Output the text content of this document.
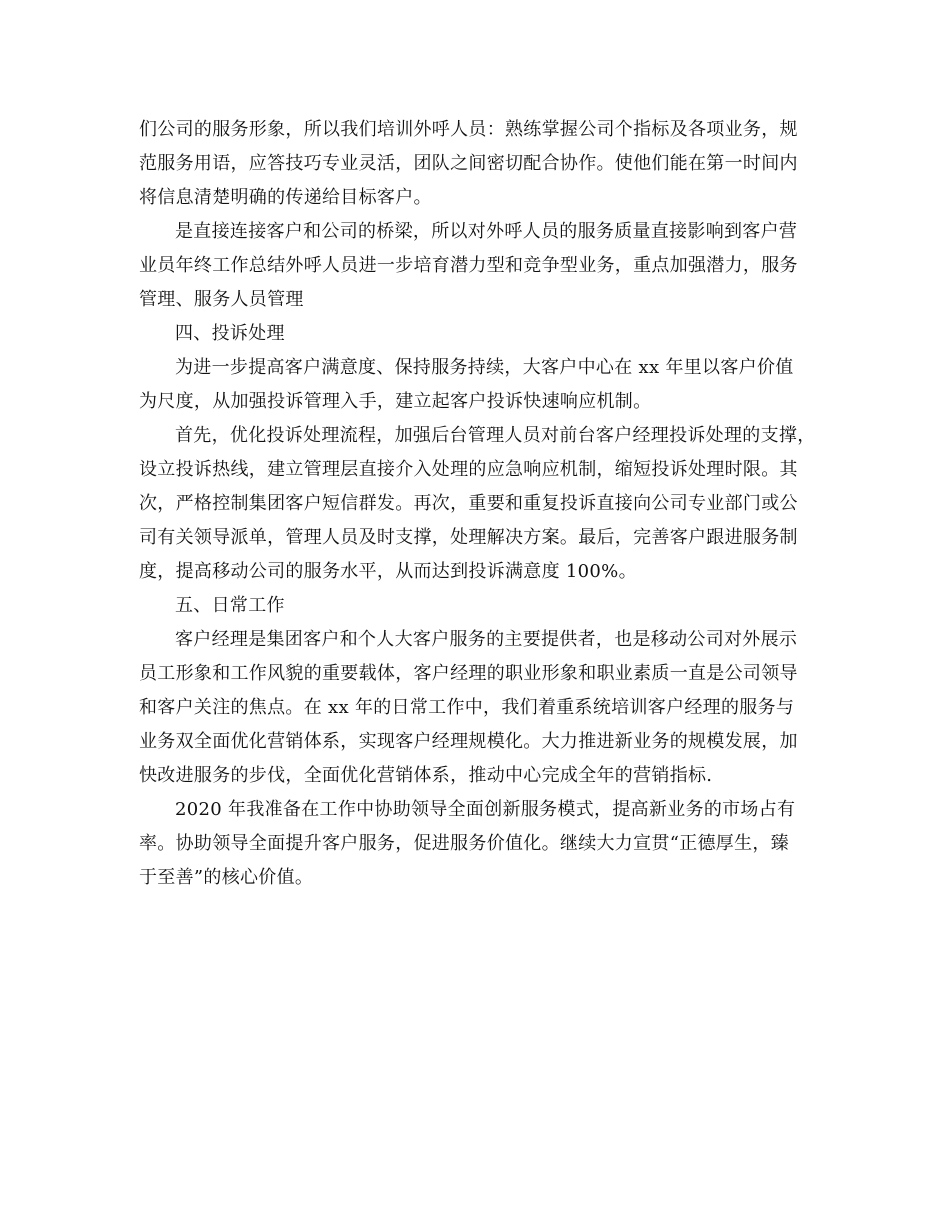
们公司的服务形象，所以我们培训外呼人员：熟练掌握公司个指标及各项业务，规
范服务用语，应答技巧专业灵活，团队之间密切配合协作。使他们能在第一时间内
将信息清楚明确的传递给目标客户。
是直接连接客户和公司的桥梁，所以对外呼人员的服务质量直接影响到客户营
业员年终工作总结外呼人员进一步培育潜力型和竞争型业务，重点加强潜力，服务
管理、服务人员管理
四、投诉处理
为进一步提高客户满意度、保持服务持续，大客户中心在 xx 年里以客户价值
为尺度，从加强投诉管理入手，建立起客户投诉快速响应机制。
首先，优化投诉处理流程，加强后台管理人员对前台客户经理投诉处理的支撑，
设立投诉热线，建立管理层直接介入处理的应急响应机制，缩短投诉处理时限。其
次，严格控制集团客户短信群发。再次，重要和重复投诉直接向公司专业部门或公
司有关领导派单，管理人员及时支撑，处理解决方案。最后，完善客户跟进服务制
度，提高移动公司的服务水平，从而达到投诉满意度 100%。
五、日常工作
客户经理是集团客户和个人大客户服务的主要提供者，也是移动公司对外展示
员工形象和工作风貌的重要载体，客户经理的职业形象和职业素质一直是公司领导
和客户关注的焦点。在 xx 年的日常工作中，我们着重系统培训客户经理的服务与
业务双全面优化营销体系，实现客户经理规模化。大力推进新业务的规模发展，加
快改进服务的步伐，全面优化营销体系，推动中心完成全年的营销指标.
2020 年我准备在工作中协助领导全面创新服务模式，提高新业务的市场占有
率。协助领导全面提升客户服务，促进服务价值化。继续大力宣贯“正德厚生，臻
于至善”的核心价值。
